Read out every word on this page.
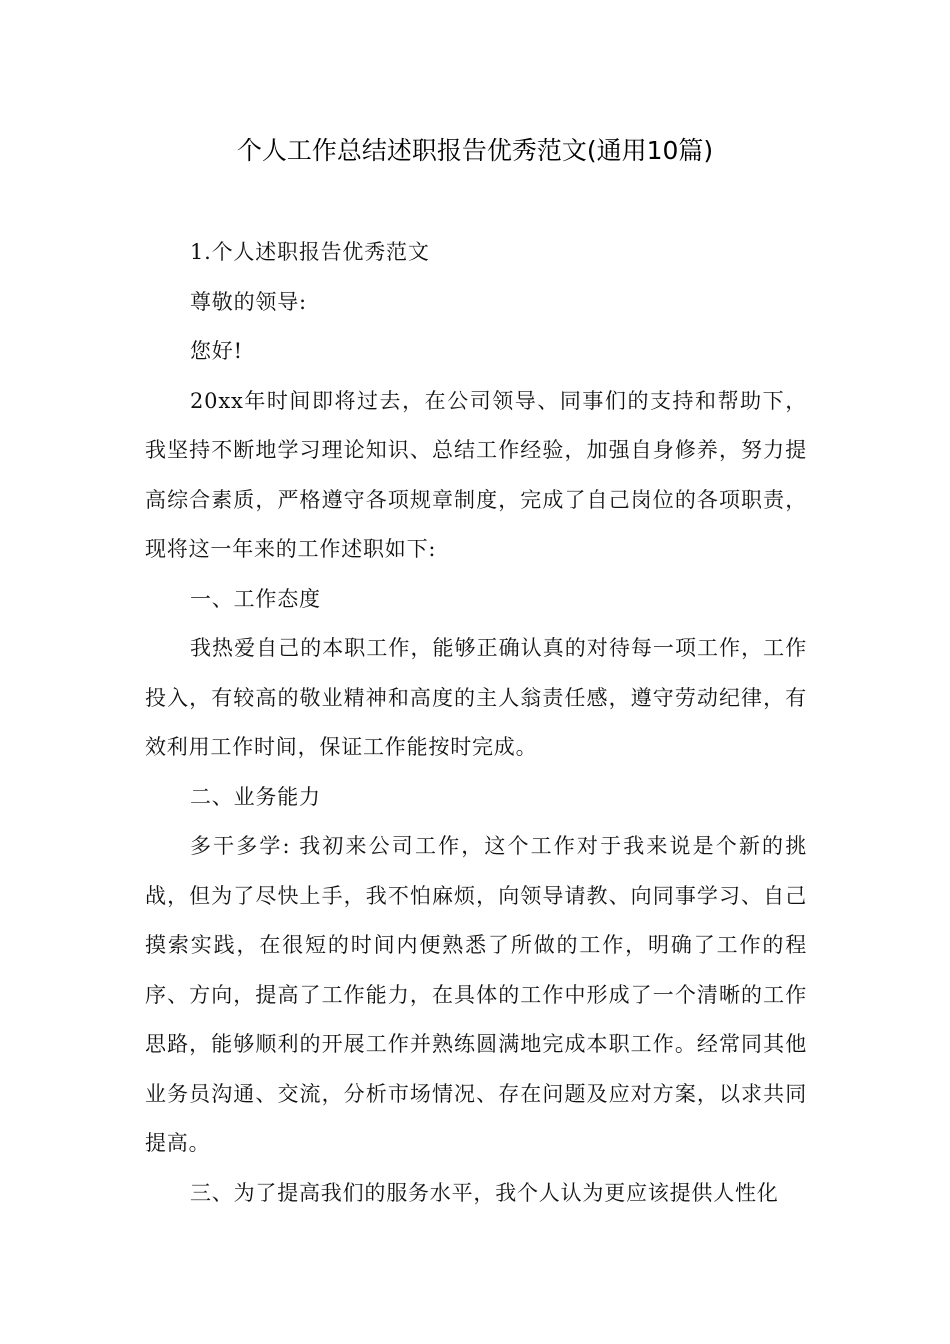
个人工作总结述职报告优秀范文(通用10篇)

1.个人述职报告优秀范文

尊敬的领导:

您好!

20xx年时间即将过去，在公司领导、同事们的支持和帮助下，我坚持不断地学习理论知识、总结工作经验，加强自身修养，努力提高综合素质，严格遵守各项规章制度，完成了自己岗位的各项职责，现将这一年来的工作述职如下:

一、工作态度

我热爱自己的本职工作，能够正确认真的对待每一项工作，工作投入，有较高的敬业精神和高度的主人翁责任感，遵守劳动纪律，有效利用工作时间，保证工作能按时完成。

二、业务能力

多干多学: 我初来公司工作，这个工作对于我来说是个新的挑战，但为了尽快上手，我不怕麻烦，向领导请教、向同事学习、自己摸索实践，在很短的时间内便熟悉了所做的工作，明确了工作的程序、方向，提高了工作能力，在具体的工作中形成了一个清晰的工作思路，能够顺利的开展工作并熟练圆满地完成本职工作。经常同其他业务员沟通、交流，分析市场情况、存在问题及应对方案，以求共同提高。

三、为了提高我们的服务水平，我个人认为更应该提供人性化
